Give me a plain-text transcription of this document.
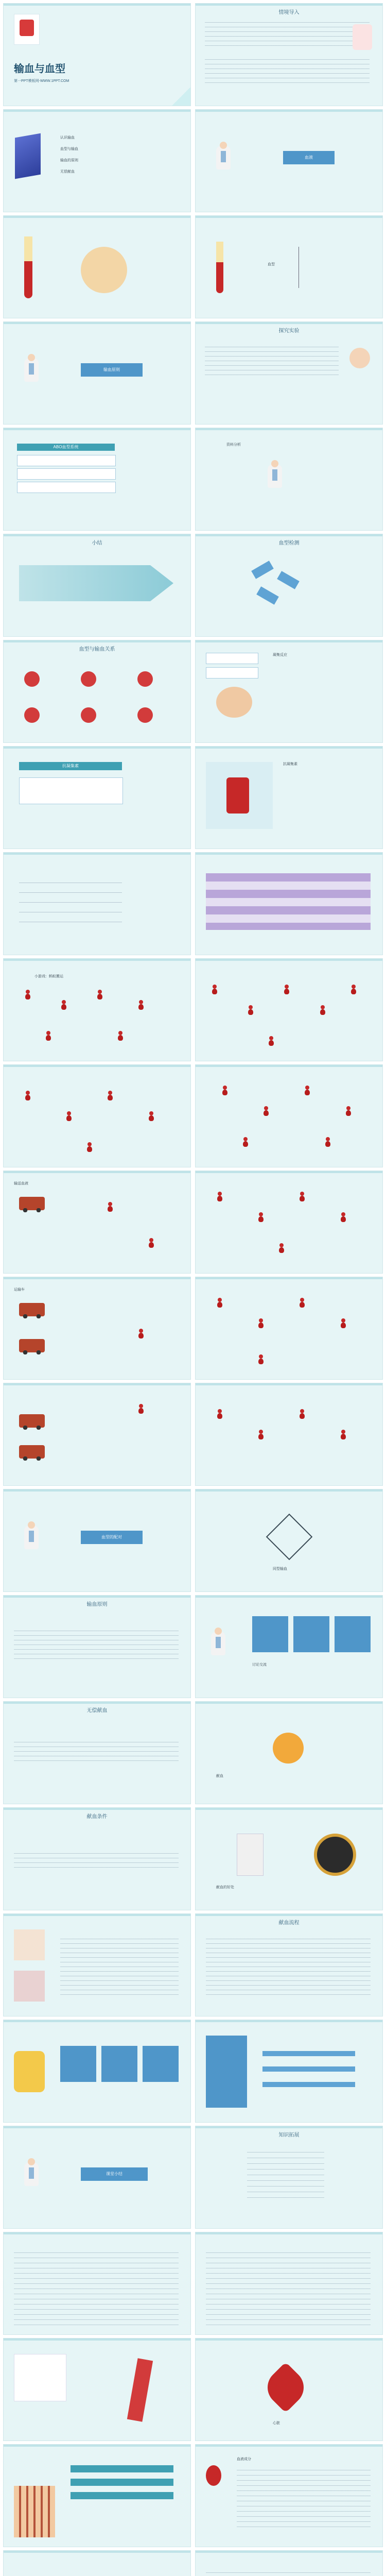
输血与血型
第一PPT模板网-WWW.1PPT.COM
情境导入
认识输血
血型与输血
输血的原则
无偿献血
血液
血型
输血原则
探究实验
ABO血型系统	资料分析
小结	血型检测
血型与输血关系
凝集反应
抗凝集素	抗凝集素
小游戏：蚂蚁搬运
输送血液
运输车
血型的配对
同型输血
输血原则
讨论交流
无偿献血
献血
献血条件
献血的好处
献血流程
课堂小结
知识拓展
心脏
血液成分
